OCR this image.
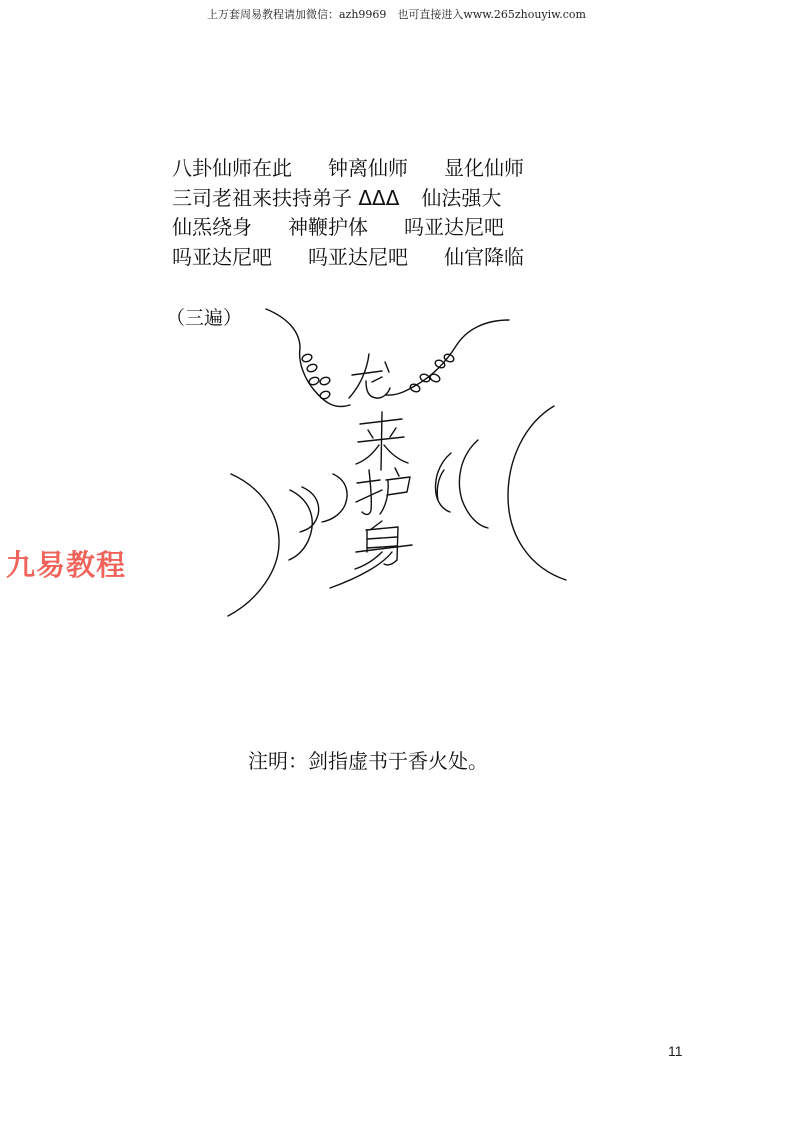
上万套周易教程请加微信：azh9969　也可直接进入www.265zhouyiw.com
八卦仙师在此 钟离仙师 显化仙师
三司老祖来扶持弟子 ΔΔΔ 仙法强大
仙炁绕身 神鞭护体 吗亚达尼吧
吗亚达尼吧 吗亚达尼吧 仙官降临
（三遍）
九易教程
注明：剑指虚书于香火处。
11
